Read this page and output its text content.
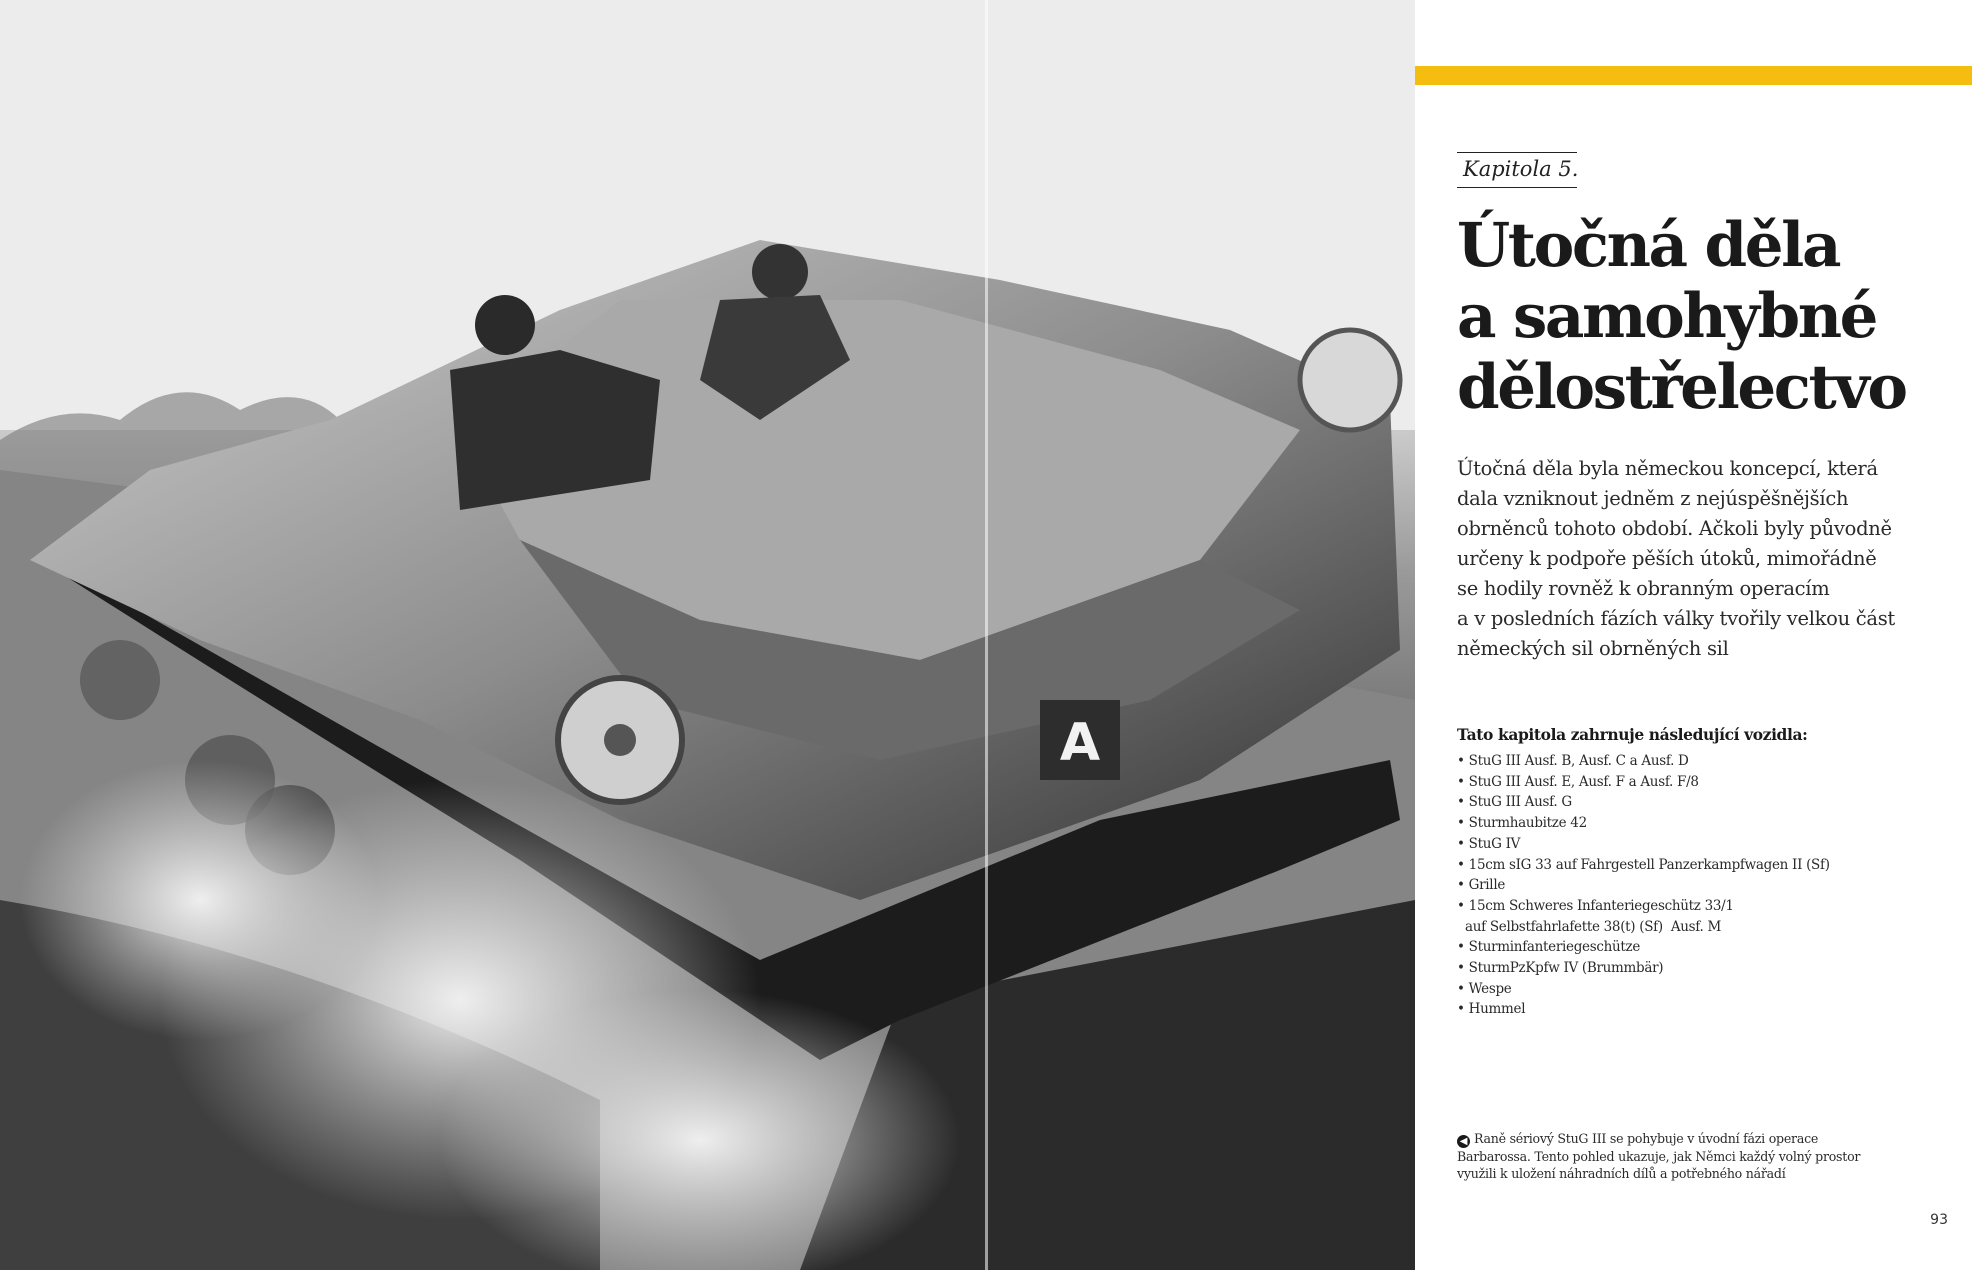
A
Kapitola 5.
Útočná děla
a samohybné
dělostřelectvo

Útočná děla byla německou koncepcí, která
dala vzniknout jedněm z nejúspěšnějších
obrněnců tohoto období. Ačkoli byly původně
určeny k podpoře pěších útoků, mimořádně
se hodily rovněž k obranným operacím
a v posledních fázích války tvořily velkou část
německých sil obrněných sil

Tato kapitola zahrnuje následující vozidla:
• StuG III Ausf. B, Ausf. C a Ausf. D
• StuG III Ausf. E, Ausf. F a Ausf. F/8
• StuG III Ausf. G
• Sturmhaubitze 42
• StuG IV
• 15cm sIG 33 auf Fahrgestell Panzerkampfwagen II (Sf)
• Grille
• 15cm Schweres Infanteriegeschütz 33/1
auf Selbstfahrlafette 38(t) (Sf)  Ausf. M
• Sturminfanteriegeschütze
• SturmPzKpfw IV (Brummbär)
• Wespe
• Hummel
◀ Raně sériový StuG III se pohybuje v úvodní fázi operace
Barbarossa. Tento pohled ukazuje, jak Němci každý volný prostor
využili k uložení náhradních dílů a potřebného nářadí
93
